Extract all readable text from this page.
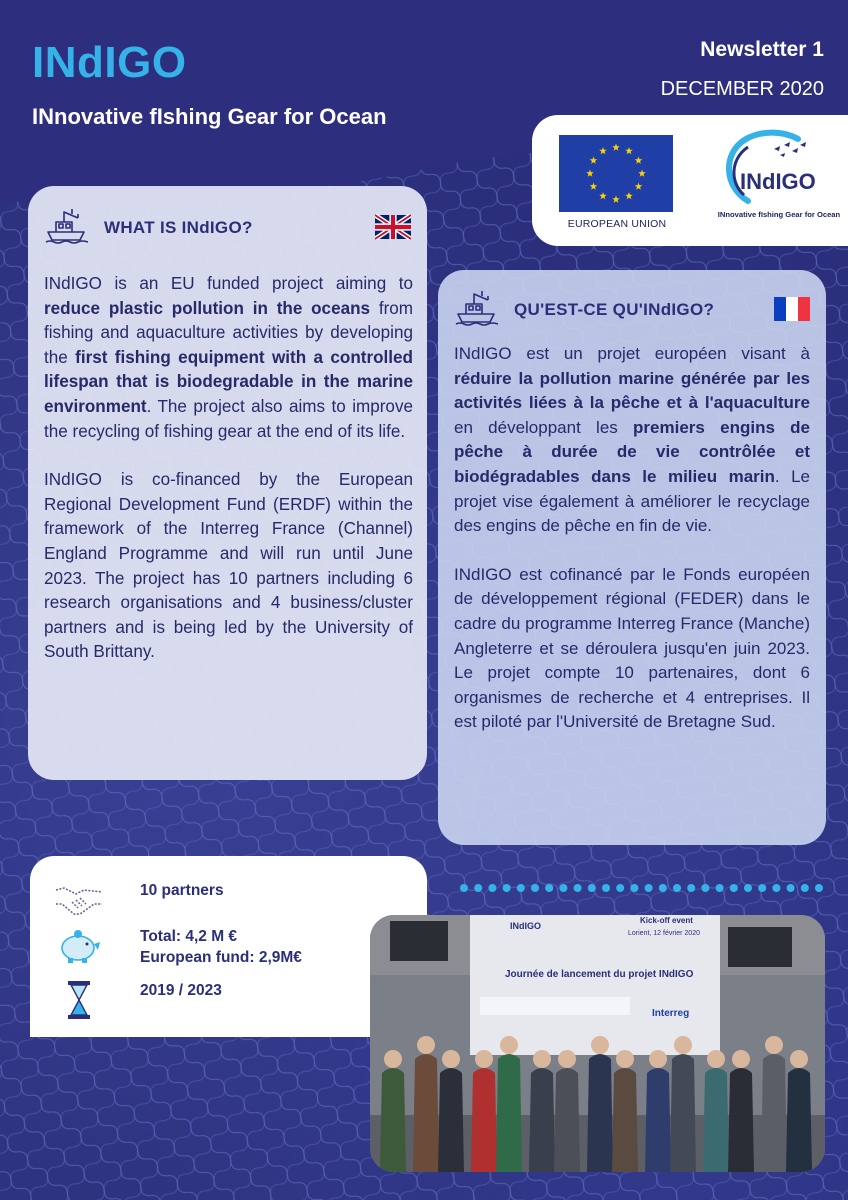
INdIGO
INnovative fIshing Gear for Ocean
Newsletter 1
DECEMBER 2020
EUROPEAN UNION
INdIGO
INnovative fIshing Gear for Ocean
WHAT IS INdIGO?

INdIGO is an EU funded project aiming to reduce plastic pollution in the oceans from fishing and aquaculture activities by developing the first fishing equipment with a controlled lifespan that is biodegradable in the marine environment. The project also aims to improve the recycling of fishing gear at the end of its life.

INdIGO is co-financed by the European Regional Development Fund (ERDF) within the framework of the Interreg France (Channel) England Programme and will run until June 2023. The project has 10 partners including 6 research organisations and 4 business/cluster partners and is being led by the University of South Brittany.

QU'EST-CE QU'INdIGO?

INdIGO est un projet européen visant à réduire la pollution marine générée par les activités liées à la pêche et à l'aquaculture en développant les premiers engins de pêche à durée de vie contrôlée et biodégradables dans le milieu marin. Le projet vise également à améliorer le recyclage des engins de pêche en fin de vie.

INdIGO est cofinancé par le Fonds européen de développement régional (FEDER) dans le cadre du programme Interreg France (Manche) Angleterre et se déroulera jusqu'en juin 2023. Le projet compte 10 partenaires, dont 6 organismes de recherche et 4 entreprises. Il est piloté par l'Université de Bretagne Sud.

10 partners
Total: 4,2 M €
European fund: 2,9M€
2019 / 2023
INdIGO
Kick-off event
Lorient, 12 février 2020
Journée de lancement du projet INdIGO
Interreg
